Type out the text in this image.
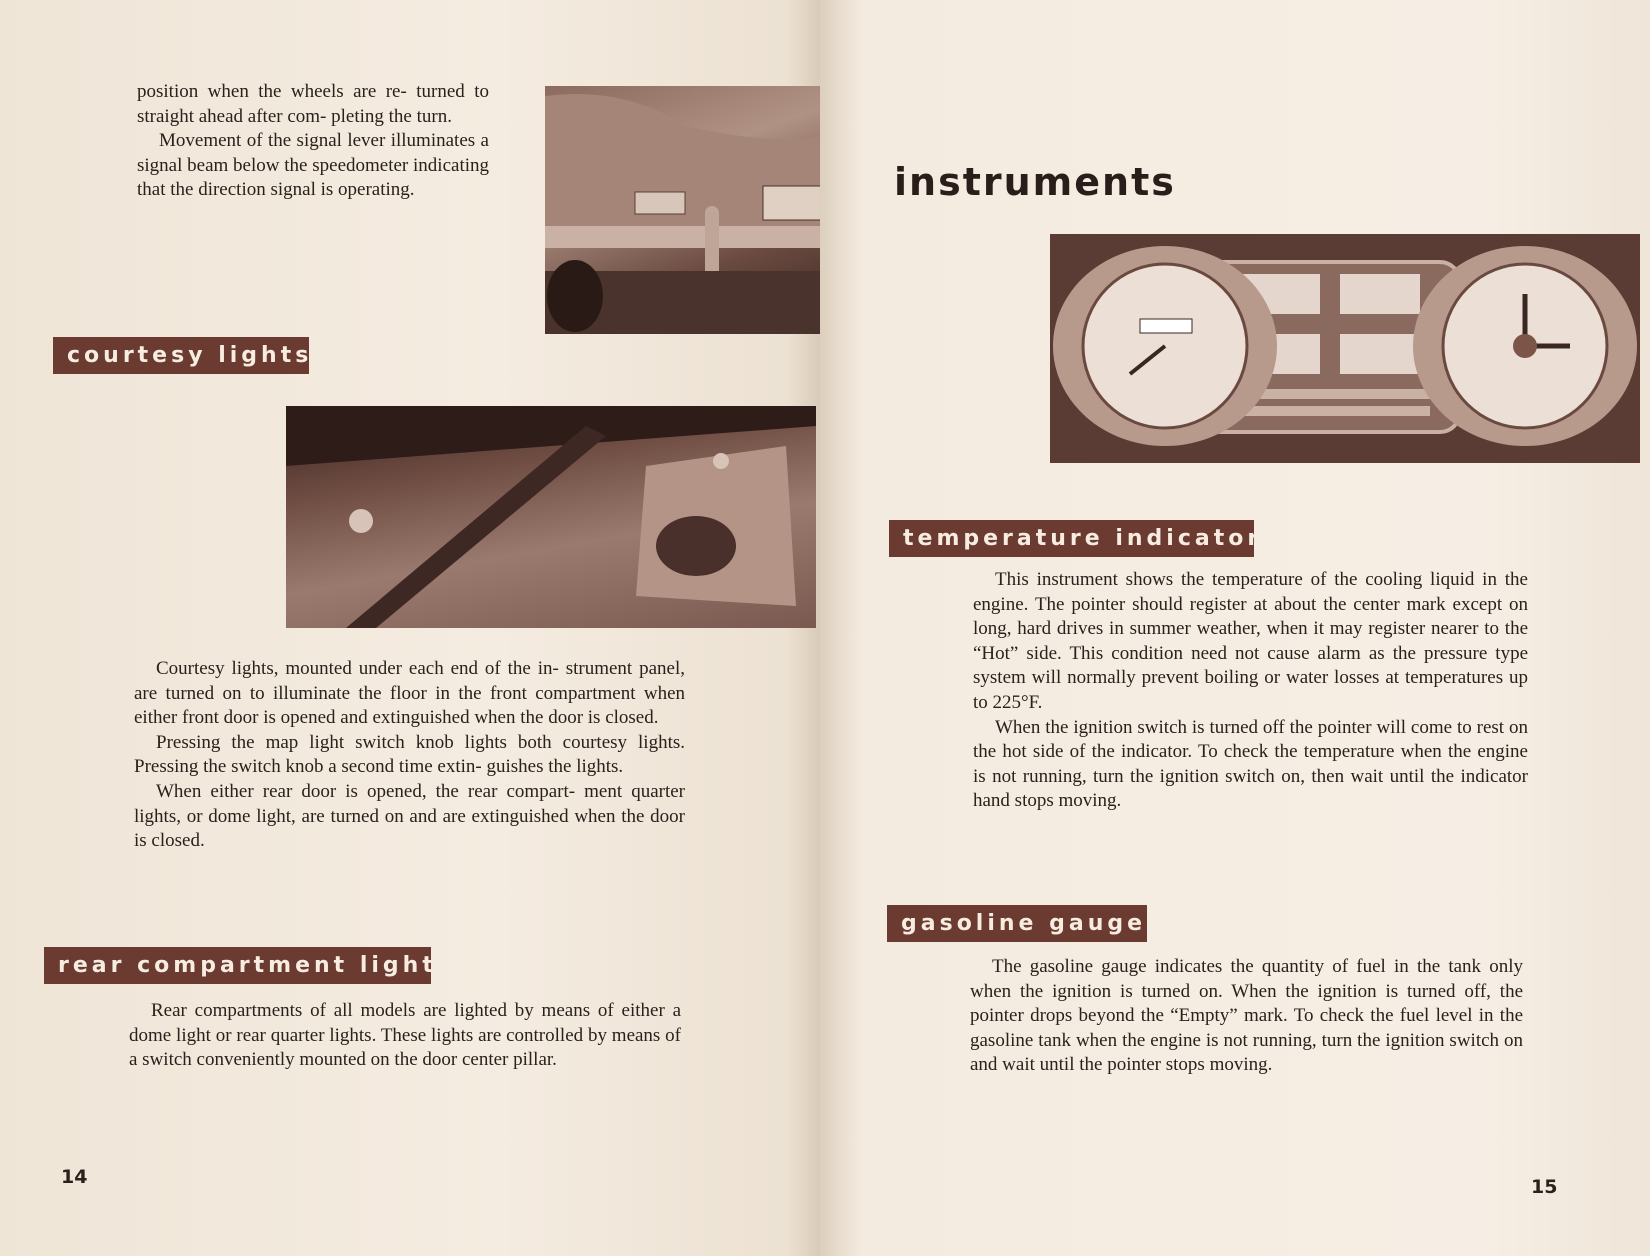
position when the wheels are re- turned to straight ahead after com- pleting the turn.

Movement of the signal lever illuminates a signal beam below the speedometer indicating that the direction signal is operating.

courtesy lights

Courtesy lights, mounted under each end of the in- strument panel, are turned on to illuminate the floor in the front compartment when either front door is opened and extinguished when the door is closed.

Pressing the map light switch knob lights both courtesy lights. Pressing the switch knob a second time extin- guishes the lights.

When either rear door is opened, the rear compart- ment quarter lights, or dome light, are turned on and are extinguished when the door is closed.

rear compartment light

Rear compartments of all models are lighted by means of either a dome light or rear quarter lights. These lights are controlled by means of a switch conveniently mounted on the door center pillar.

14
instruments
temperature indicator

This instrument shows the temperature of the cooling liquid in the engine. The pointer should register at about the center mark except on long, hard drives in summer weather, when it may register nearer to the “Hot” side. This condition need not cause alarm as the pressure type system will normally prevent boiling or water losses at temperatures up to 225°F.

When the ignition switch is turned off the pointer will come to rest on the hot side of the indicator. To check the temperature when the engine is not running, turn the ignition switch on, then wait until the indicator hand stops moving.

gasoline gauge

The gasoline gauge indicates the quantity of fuel in the tank only when the ignition is turned on. When the ignition is turned off, the pointer drops beyond the “Empty” mark. To check the fuel level in the gasoline tank when the engine is not running, turn the ignition switch on and wait until the pointer stops moving.

15
